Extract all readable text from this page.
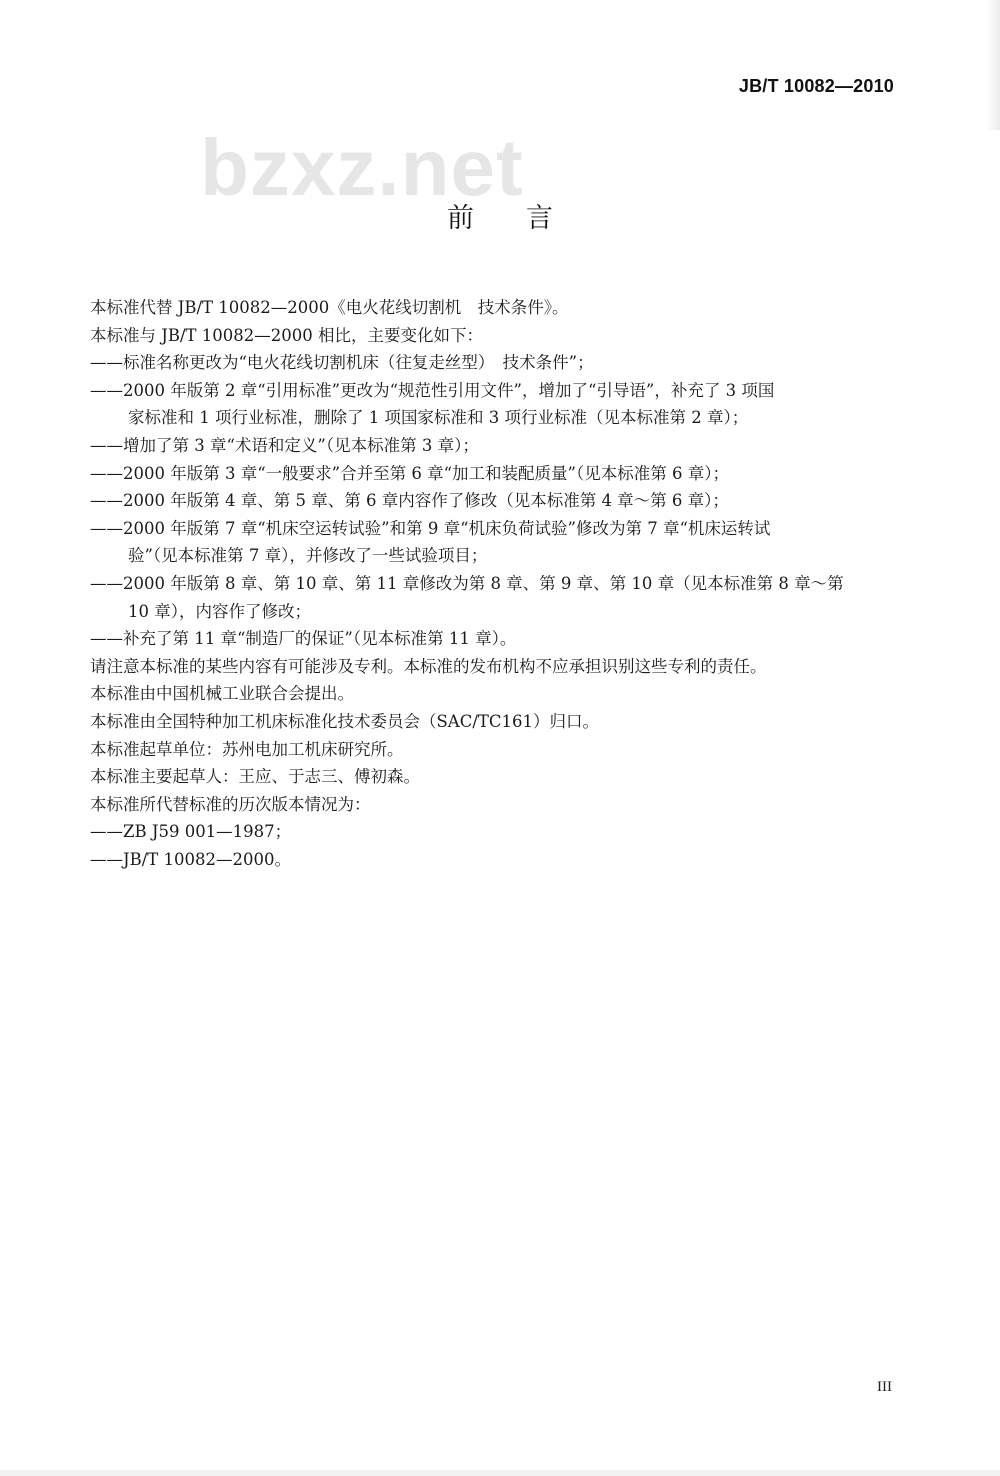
JB/T 10082—2010
bzxz.net
前言

本标准代替 JB/T 10082—2000《电火花线切割机　技术条件》。

本标准与 JB/T 10082—2000 相比，主要变化如下：

——标准名称更改为“电火花线切割机床（往复走丝型）　技术条件”；

——2000 年版第 2 章“引用标准”更改为“规范性引用文件”，增加了“引导语”，补充了 3 项国
家标准和 1 项行业标准，删除了 1 项国家标准和 3 项行业标准（见本标准第 2 章）；

——增加了第 3 章“术语和定义”（见本标准第 3 章）；

——2000 年版第 3 章“一般要求”合并至第 6 章“加工和装配质量”（见本标准第 6 章）；

——2000 年版第 4 章、第 5 章、第 6 章内容作了修改（见本标准第 4 章～第 6 章）；

——2000 年版第 7 章“机床空运转试验”和第 9 章“机床负荷试验”修改为第 7 章“机床运转试
验”（见本标准第 7 章），并修改了一些试验项目；

——2000 年版第 8 章、第 10 章、第 11 章修改为第 8 章、第 9 章、第 10 章（见本标准第 8 章～第
10 章），内容作了修改；

——补充了第 11 章“制造厂的保证”（见本标准第 11 章）。

请注意本标准的某些内容有可能涉及专利。本标准的发布机构不应承担识别这些专利的责任。

本标准由中国机械工业联合会提出。

本标准由全国特种加工机床标准化技术委员会（SAC/TC161）归口。

本标准起草单位：苏州电加工机床研究所。

本标准主要起草人：王应、于志三、傅初森。

本标准所代替标准的历次版本情况为：

——ZB J59 001—1987；

——JB/T 10082—2000。

III
